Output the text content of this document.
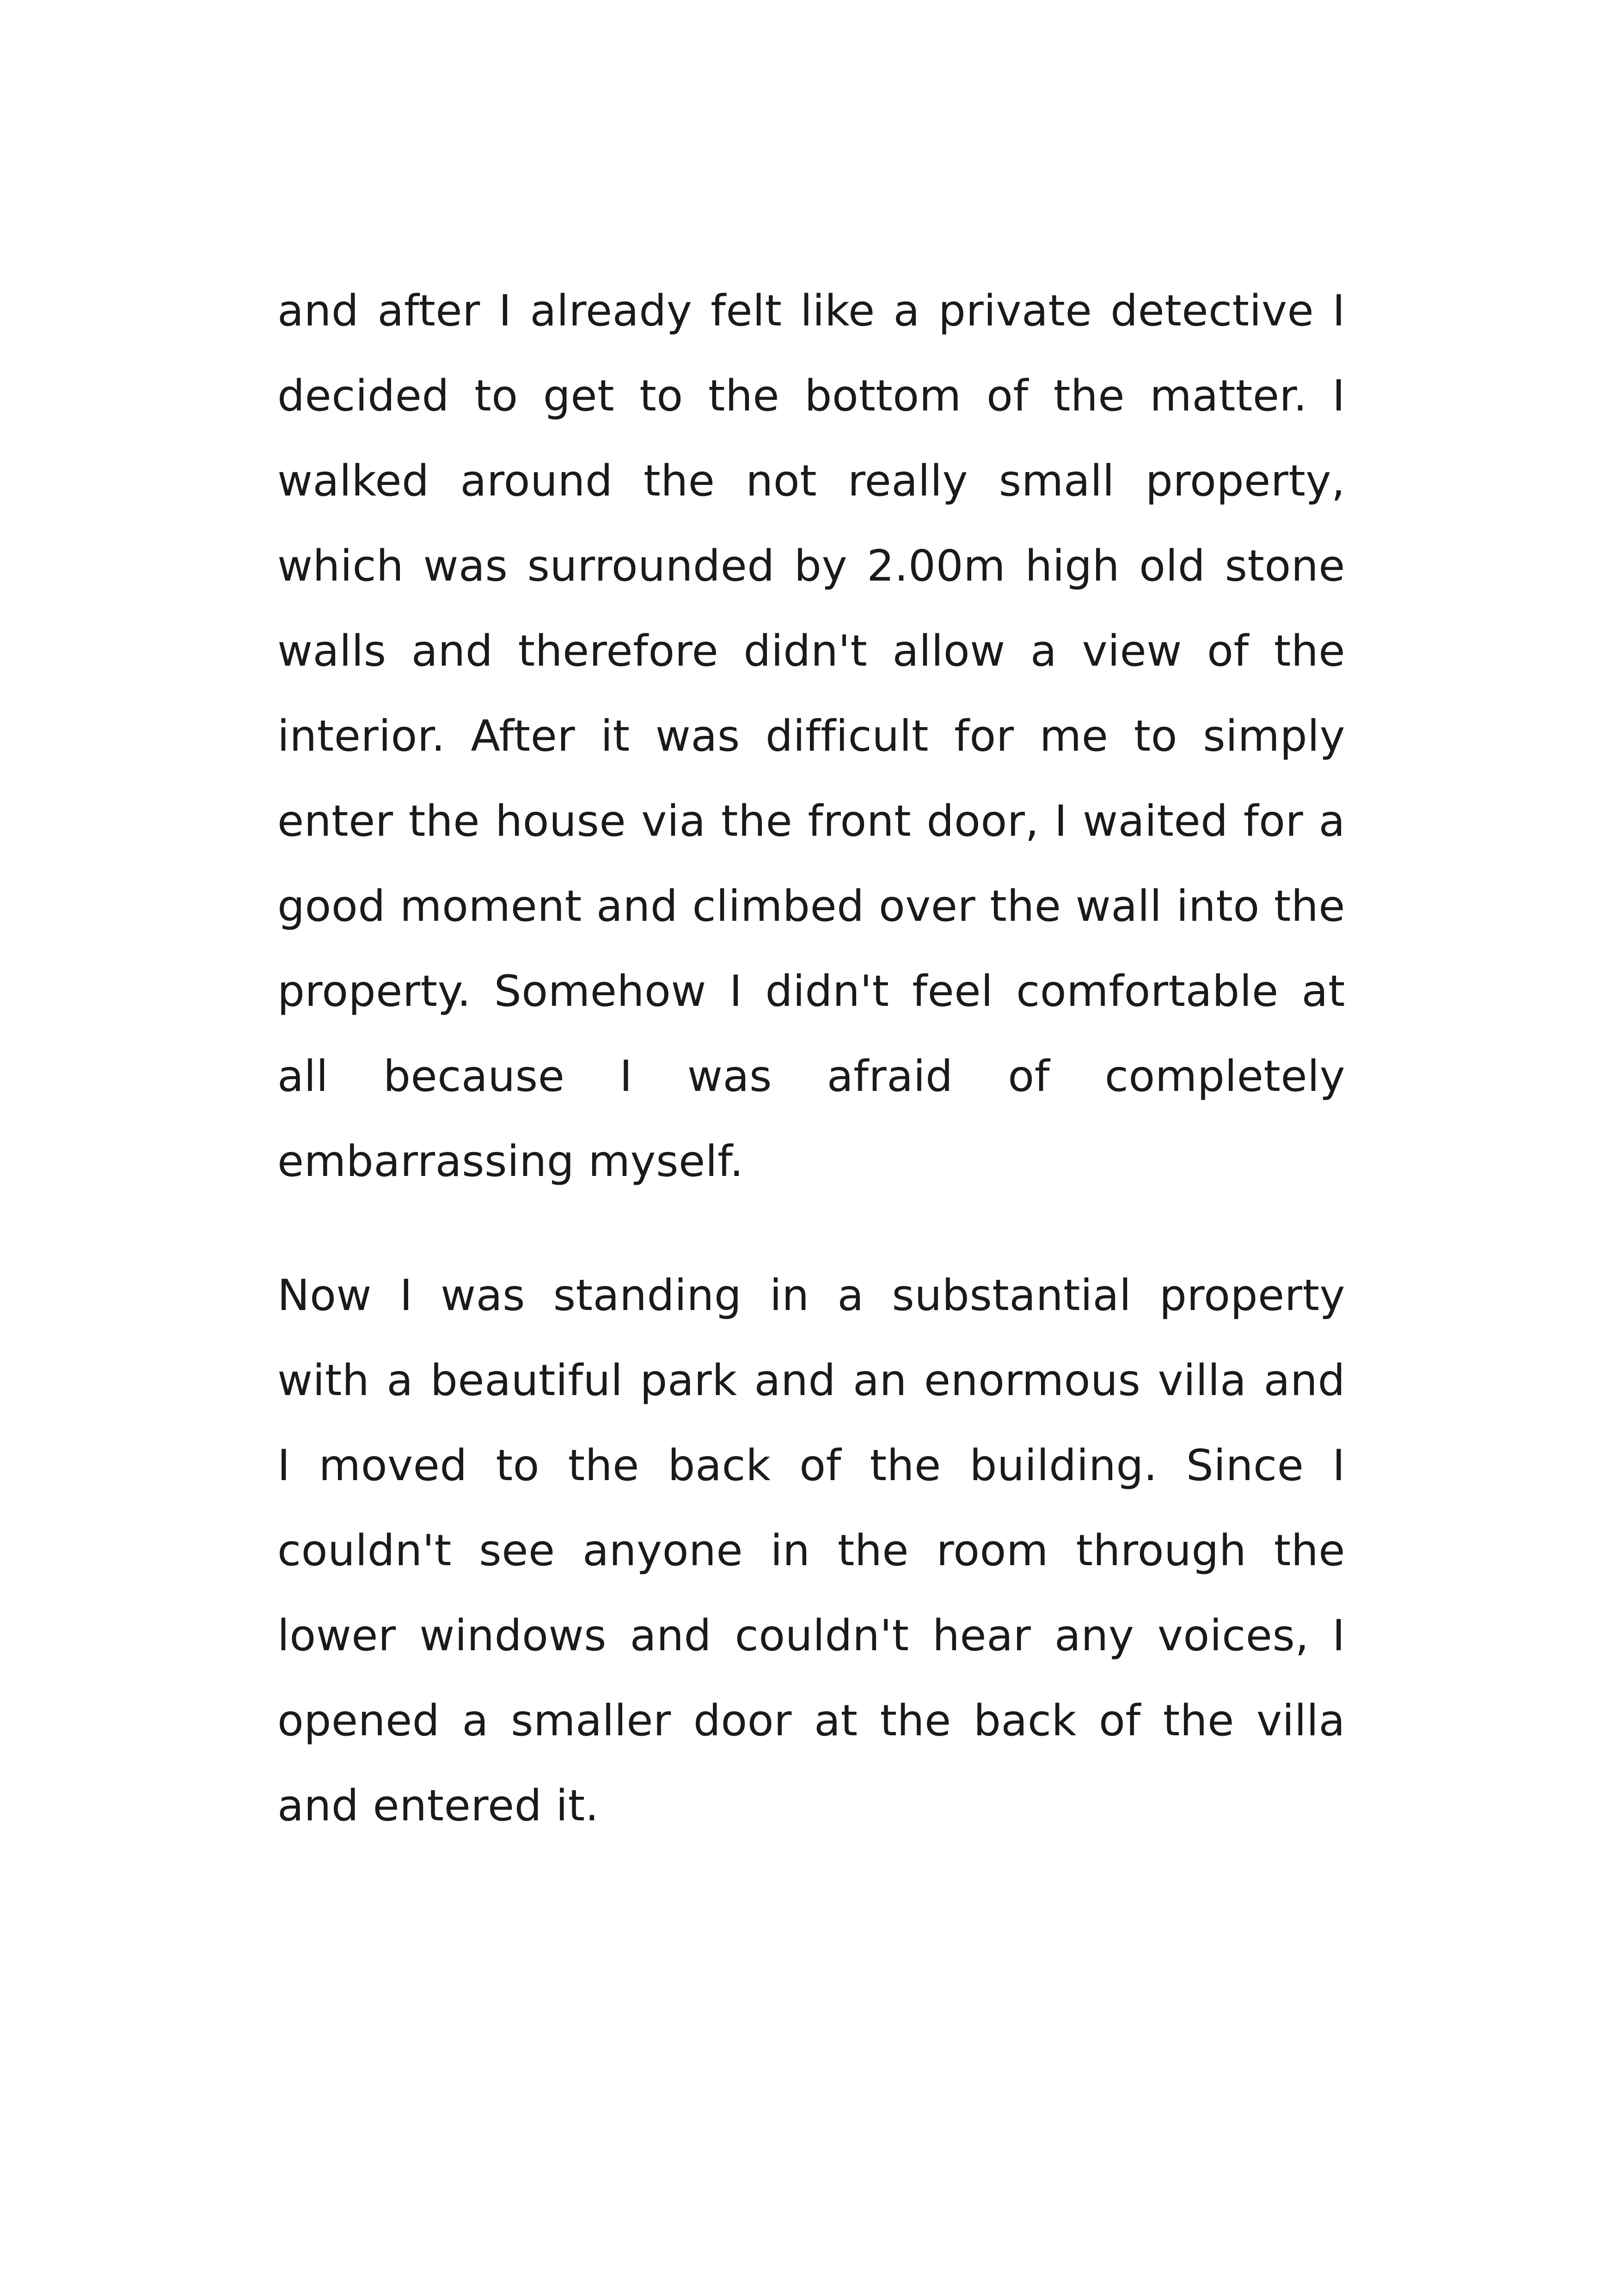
and after I already felt like a private detective I decided to get to the bottom of the matter. I walked around the not really small property, which was surrounded by 2.00m high old stone walls and therefore didn't allow a view of the interior. After it was difficult for me to simply enter the house via the front door, I waited for a good moment and climbed over the wall into the property. Somehow I didn't feel comfortable at all because I was afraid of completely embarrassing myself.

Now I was standing in a substantial property with a beautiful park and an enormous villa and I moved to the back of the building. Since I couldn't see anyone in the room through the lower windows and couldn't hear any voices, I opened a smaller door at the back of the villa and entered it.
